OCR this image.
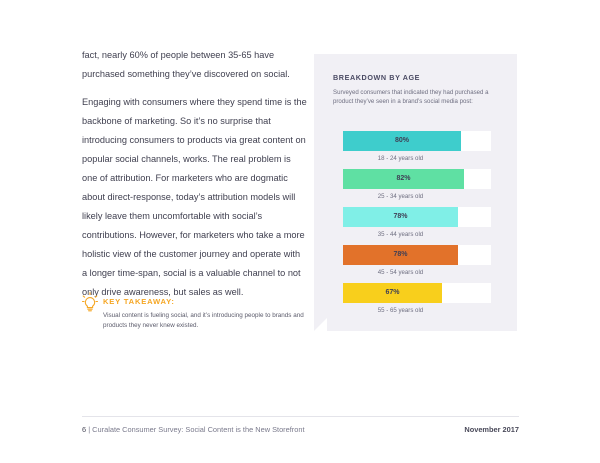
fact, nearly 60% of people between 35-65 have purchased something they’ve discovered on social.

Engaging with consumers where they spend time is the backbone of marketing. So it’s no surprise that introducing consumers to products via great content on popular social channels, works. The real problem is one of attribution. For marketers who are dogmatic about direct-response, today’s attribution models will likely leave them uncomfortable with social’s contributions. However, for marketers who take a more holistic view of the customer journey and operate with a longer time-span, social is a valuable channel to not only drive awareness, but sales as well.

KEY TAKEAWAY:
Visual content is fueling social, and it’s introducing people to brands and products they never knew existed.
BREAKDOWN BY AGE
Surveyed consumers that indicated they had purchased a product they’ve seen in a brand’s social media post:
80%
18 - 24 years old
82%
25 - 34 years old
78%
35 - 44 years old
78%
45 - 54 years old
67%
55 - 65 years old
6 | Curalate Consumer Survey: Social Content is the New Storefront	November 2017
